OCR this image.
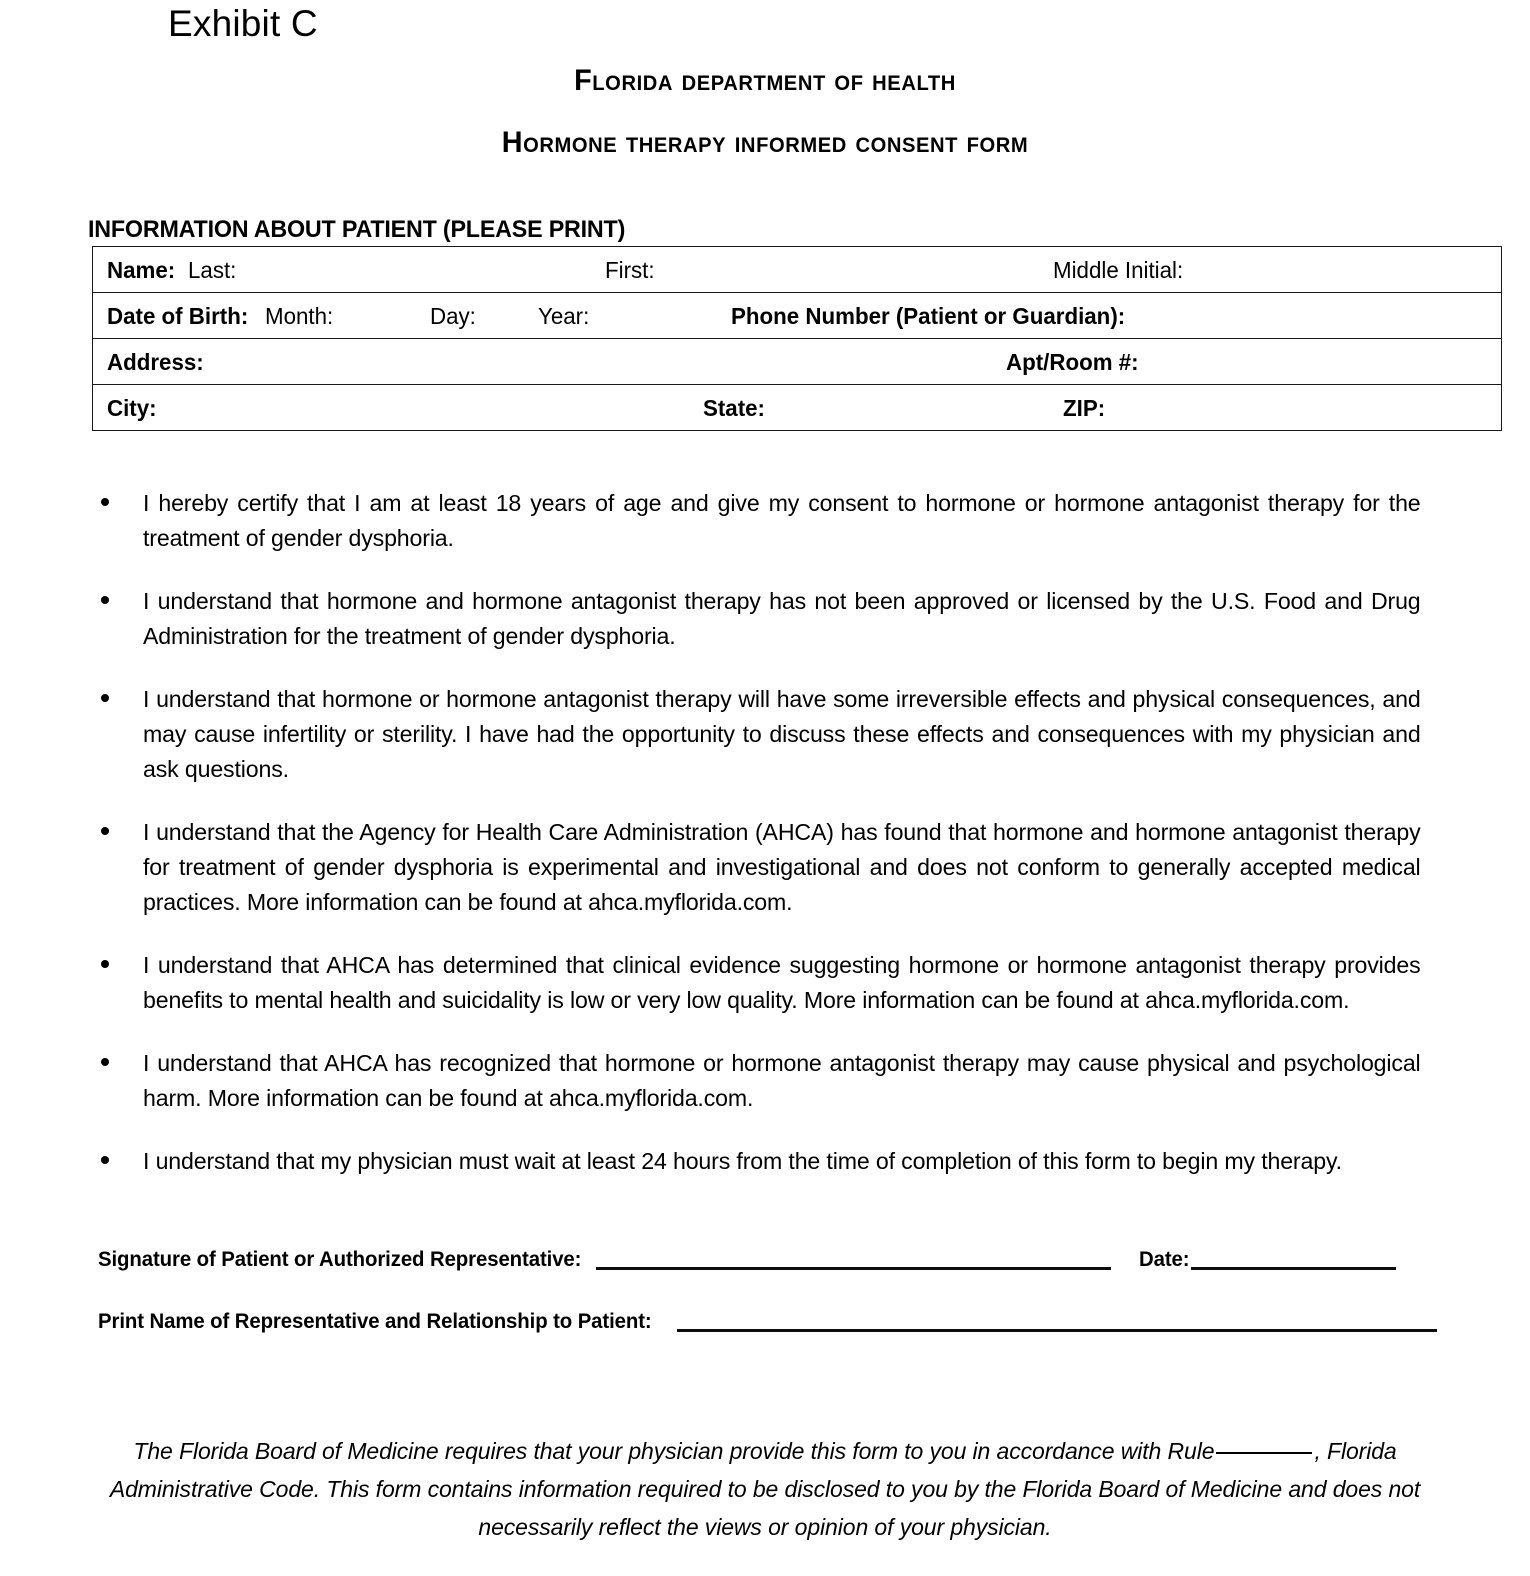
Exhibit C
Florida department of health
Hormone therapy informed consent form
INFORMATION ABOUT PATIENT (PLEASE PRINT)
Name: Last:	First:	Middle Initial:

Date of Birth: Month:	Day:	Year:	Phone Number (Patient or Guardian):

Address:	Apt/Room #:

City:	State:	ZIP:
I hereby certify that I am at least 18 years of age and give my consent to hormone or hormone antagonist therapy for the treatment of gender dysphoria.
I understand that hormone and hormone antagonist therapy has not been approved or licensed by the U.S. Food and Drug Administration for the treatment of gender dysphoria.
I understand that hormone or hormone antagonist therapy will have some irreversible effects and physical consequences, and may cause infertility or sterility. I have had the opportunity to discuss these effects and consequences with my physician and ask questions.
I understand that the Agency for Health Care Administration (AHCA) has found that hormone and hormone antagonist therapy for treatment of gender dysphoria is experimental and investigational and does not conform to generally accepted medical practices. More information can be found at ahca.myflorida.com.
I understand that AHCA has determined that clinical evidence suggesting hormone or hormone antagonist therapy provides benefits to mental health and suicidality is low or very low quality. More information can be found at ahca.myflorida.com.
I understand that AHCA has recognized that hormone or hormone antagonist therapy may cause physical and psychological harm. More information can be found at ahca.myflorida.com.
I understand that my physician must wait at least 24 hours from the time of completion of this form to begin my therapy.
Signature of Patient or Authorized Representative:	Date:
Print Name of Representative and Relationship to Patient:
The Florida Board of Medicine requires that your physician provide this form to you in accordance with Rule	, Florida Administrative Code. This form contains information required to be disclosed to you by the Florida Board of Medicine and does not necessarily reflect the views or opinion of your physician.
